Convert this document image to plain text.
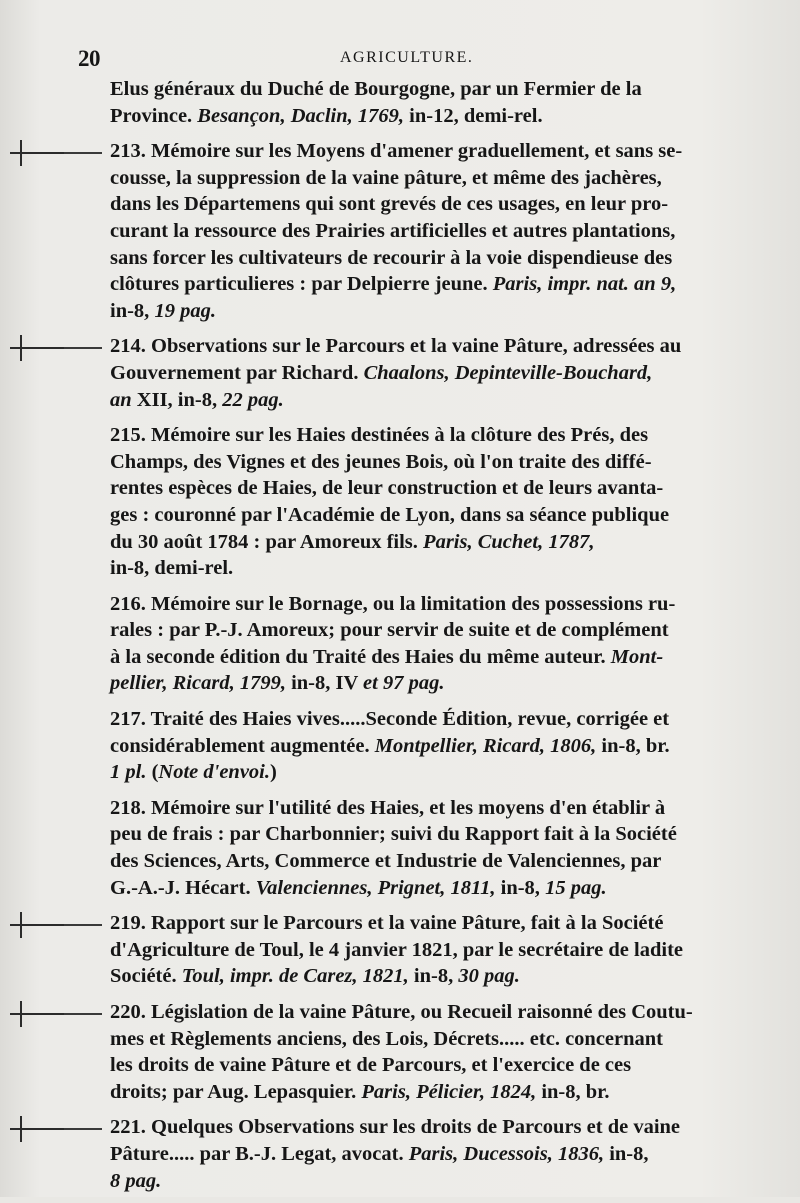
20	AGRICULTURE.
Elus généraux du Duché de Bourgogne, par un Fermier de la
Province. Besançon, Daclin, 1769, in-12, demi-rel.
213. Mémoire sur les Moyens d'amener graduellement, et sans se-
cousse, la suppression de la vaine pâture, et même des jachères,
dans les Départemens qui sont grevés de ces usages, en leur pro-
curant la ressource des Prairies artificielles et autres plantations,
sans forcer les cultivateurs de recourir à la voie dispendieuse des
clôtures particulieres : par Delpierre jeune. Paris, impr. nat. an 9,
in-8, 19 pag.
214. Observations sur le Parcours et la vaine Pâture, adressées au
Gouvernement par Richard. Chaalons, Depinteville-Bouchard,
an XII, in-8, 22 pag.
215. Mémoire sur les Haies destinées à la clôture des Prés, des
Champs, des Vignes et des jeunes Bois, où l'on traite des diffé-
rentes espèces de Haies, de leur construction et de leurs avanta-
ges : couronné par l'Académie de Lyon, dans sa séance publique
du 30 août 1784 : par Amoreux fils. Paris, Cuchet, 1787,
in-8, demi-rel.
216. Mémoire sur le Bornage, ou la limitation des possessions ru-
rales : par P.-J. Amoreux; pour servir de suite et de complément
à la seconde édition du Traité des Haies du même auteur. Mont-
pellier, Ricard, 1799, in-8, IV et 97 pag.
217. Traité des Haies vives.....Seconde Édition, revue, corrigée et
considérablement augmentée. Montpellier, Ricard, 1806, in-8, br.
1 pl. (Note d'envoi.)
218. Mémoire sur l'utilité des Haies, et les moyens d'en établir à
peu de frais : par Charbonnier; suivi du Rapport fait à la Société
des Sciences, Arts, Commerce et Industrie de Valenciennes, par
G.-A.-J. Hécart. Valenciennes, Prignet, 1811, in-8, 15 pag.
219. Rapport sur le Parcours et la vaine Pâture, fait à la Société
d'Agriculture de Toul, le 4 janvier 1821, par le secrétaire de ladite
Société. Toul, impr. de Carez, 1821, in-8, 30 pag.
220. Législation de la vaine Pâture, ou Recueil raisonné des Coutu-
mes et Règlements anciens, des Lois, Décrets..... etc. concernant
les droits de vaine Pâture et de Parcours, et l'exercice de ces
droits; par Aug. Lepasquier. Paris, Pélicier, 1824, in-8, br.
221. Quelques Observations sur les droits de Parcours et de vaine
Pâture..... par B.-J. Legat, avocat. Paris, Ducessois, 1836, in-8,
8 pag.
